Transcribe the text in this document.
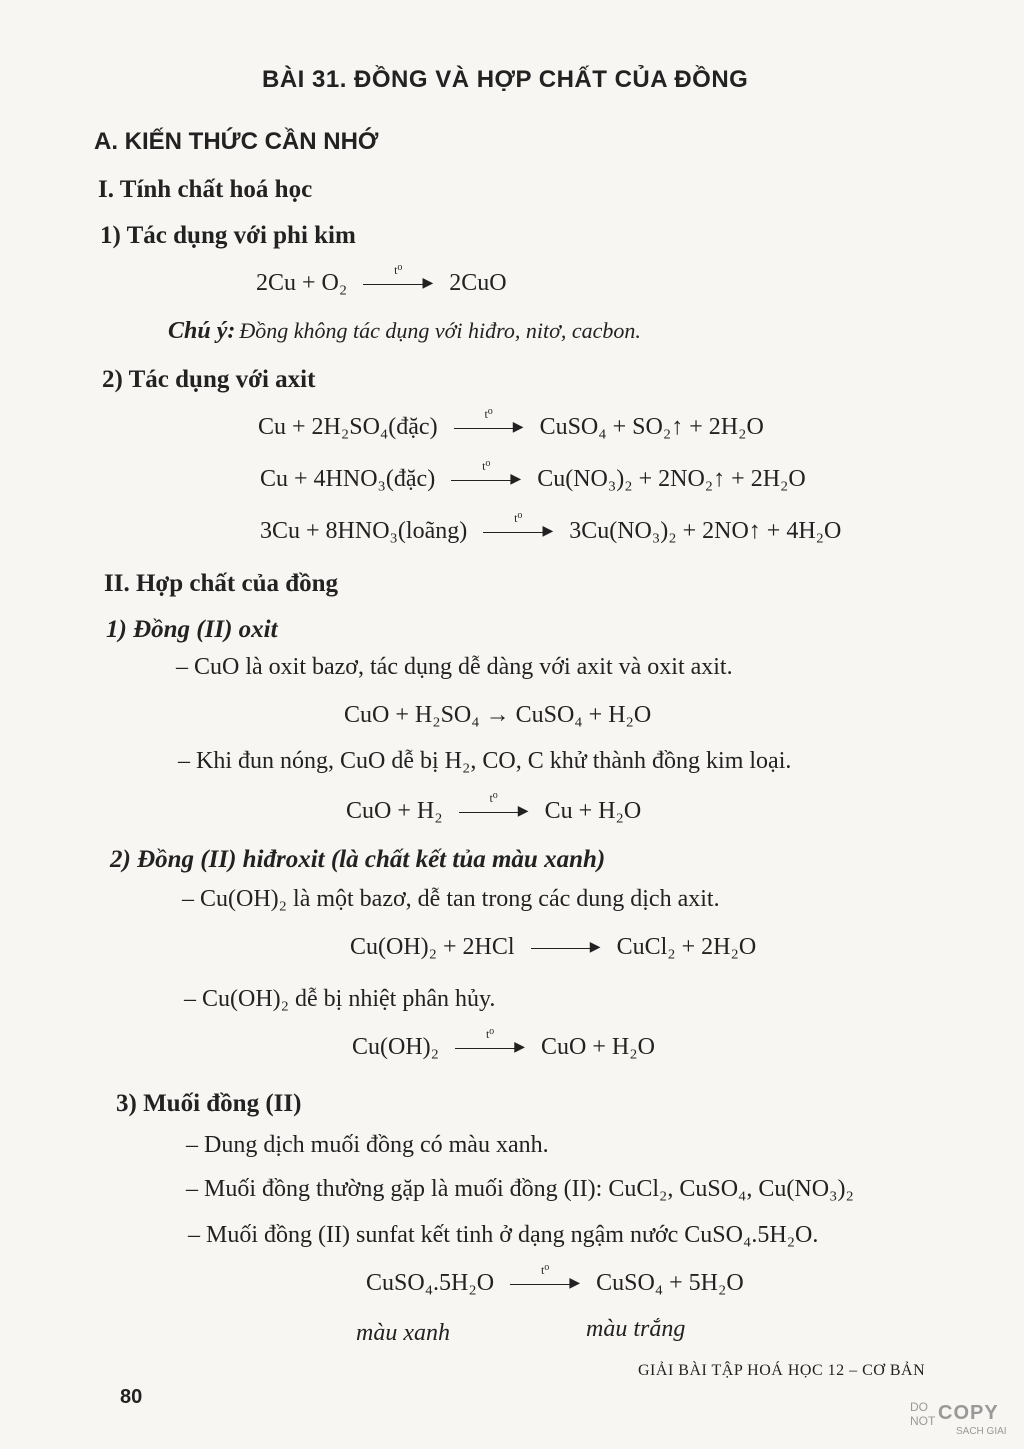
BÀI 31. ĐỒNG VÀ HỢP CHẤT CỦA ĐỒNG
A. KIẾN THỨC CẦN NHỚ
I. Tính chất hoá học
1) Tác dụng với phi kim
2Cu + O₂	t⁰
▶ 2CuO
Chú ý: Đồng không tác dụng với hiđro, nitơ, cacbon.
2) Tác dụng với axit
Cu + 2H₂SO₄(đặc)	t⁰
▶ CuSO₄ + SO₂↑ + 2H₂O
Cu + 4HNO₃(đặc)	t⁰
▶ Cu(NO₃)₂ + 2NO₂↑ + 2H₂O
3Cu + 8HNO₃(loãng)	t⁰
▶ 3Cu(NO₃)₂ + 2NO↑ + 4H₂O
II. Hợp chất của đồng
1) Đồng (II) oxit
– CuO là oxit bazơ, tác dụng dễ dàng với axit và oxit axit.
CuO + H₂SO₄ → CuSO₄ + H₂O
– Khi đun nóng, CuO dễ bị H₂, CO, C khử thành đồng kim loại.
CuO + H₂	t⁰
▶ Cu + H₂O
2) Đồng (II) hiđroxit (là chất kết tủa màu xanh)
– Cu(OH)₂ là một bazơ, dễ tan trong các dung dịch axit.
Cu(OH)₂ + 2HCl	▶ CuCl₂ + 2H₂O
– Cu(OH)₂ dễ bị nhiệt phân hủy.
Cu(OH)₂	t⁰
▶ CuO + H₂O
3) Muối đồng (II)
– Dung dịch muối đồng có màu xanh.
– Muối đồng thường gặp là muối đồng (II): CuCl₂, CuSO₄, Cu(NO₃)₂
– Muối đồng (II) sunfat kết tinh ở dạng ngậm nước CuSO₄.5H₂O.
CuSO₄.5H₂O	t⁰
▶ CuSO₄ + 5H₂O
màu xanh	màu trắng
GIẢI BÀI TẬP HOÁ HỌC 12 – CƠ BẢN
80	DO
NOT COPY
SACH GIAI
